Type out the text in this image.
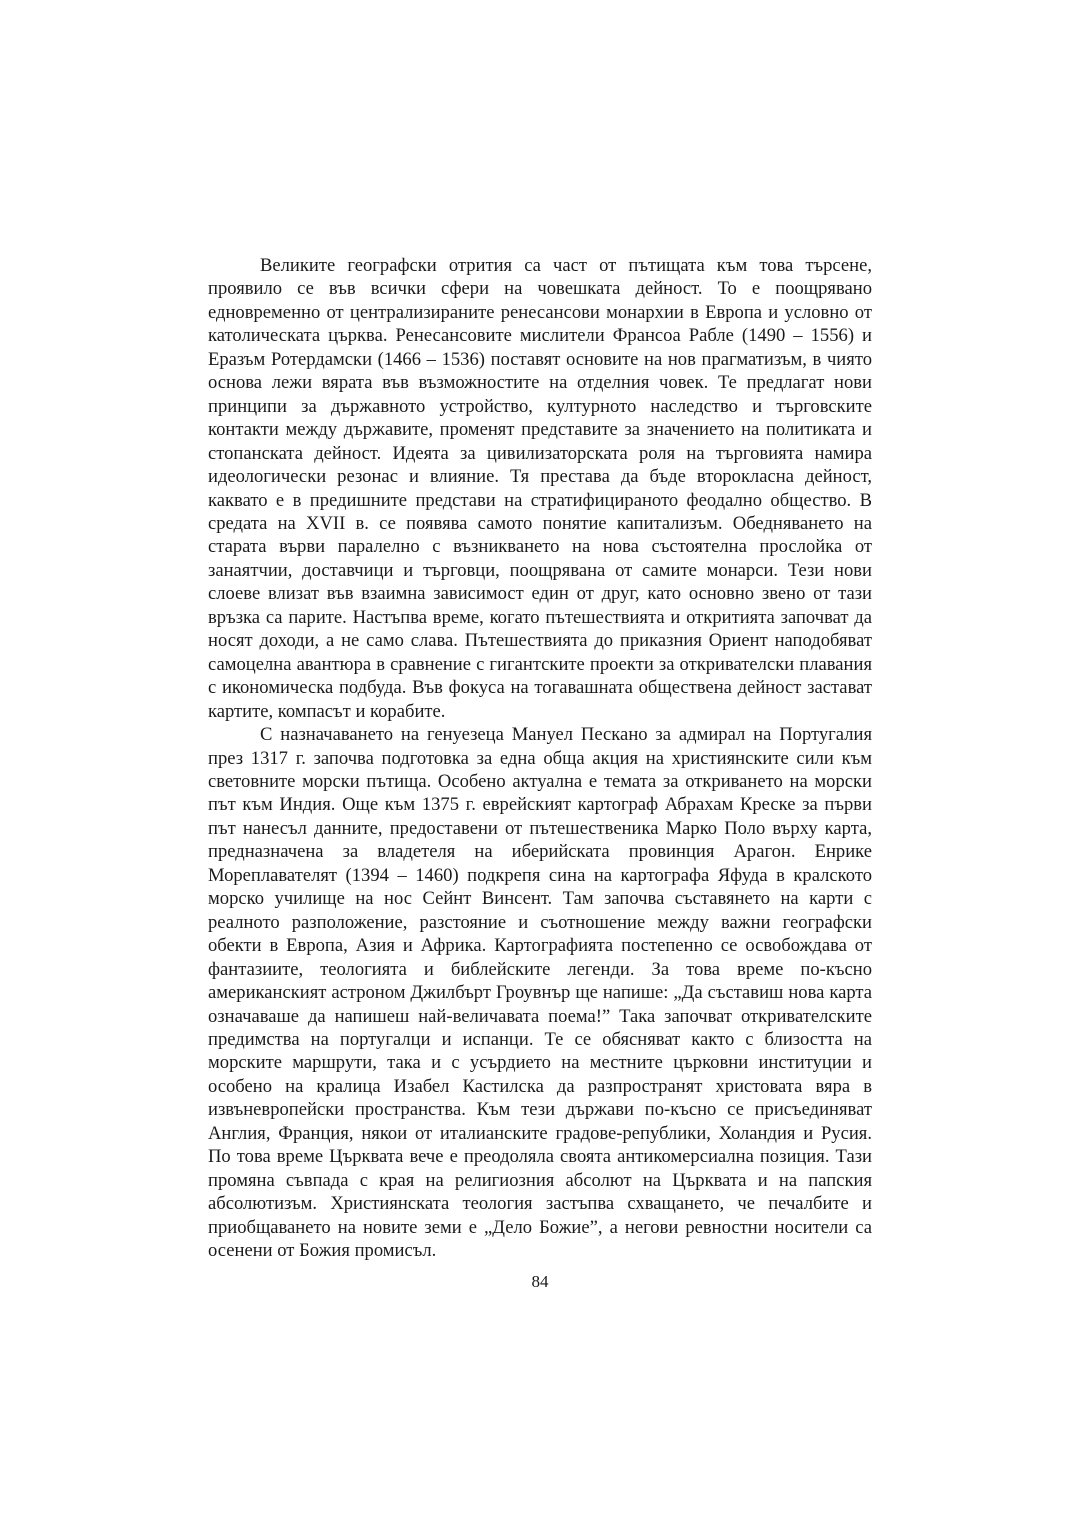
Великите географски отрития са част от пътищата към това търсене, проявило се във всички сфери на човешката дейност. То е поощрявано едновременно от централизираните ренесансови монархии в Европа и условно от католическата църква. Ренесансовите мислители Франсоа Рабле (1490 – 1556) и Еразъм Ротердамски (1466 – 1536) поставят основите на нов прагматизъм, в чиято основа лежи вярата във възможностите на отделния човек. Те предлагат нови принципи за държавното устройство, културното наследство и търговските контакти между държавите, променят представите за значението на политиката и стопанската дейност. Идеята за цивилизаторската роля на търговията намира идеологически резонас и влияние. Тя престава да бъде второкласна дейност, каквато е в предишните представи на стратифицираното феодално общество. В средата на XVII в. се появява самото понятие капитализъм. Обедняването на старата върви паралелно с възникването на нова състоятелна прослойка от занаятчии, доставчици и търговци, поощрявана от самите монарси. Тези нови слоеве влизат във взаимна зависимост един от друг, като основно звено от тази връзка са парите. Настъпва време, когато пътешествията и откритията започват да носят доходи, а не само слава. Пътешествията до приказния Ориент наподобяват самоцелна авантюра в сравнение с гигантските проекти за откривателски плавания с икономическа подбуда. Във фокуса на тогавашната обществена дейност застават картите, компасът и корабите.

С назначаването на генуезеца Мануел Пескано за адмирал на Португалия през 1317 г. започва подготовка за една обща акция на християнските сили към световните морски пътища. Особено актуална е темата за откриването на морски път към Индия. Още към 1375 г. еврейският картограф Абрахам Креске за първи път нанесъл данните, предоставени от пътешественика Марко Поло върху карта, предназначена за владетеля на иберийската провинция Арагон. Енрике Мореплавателят (1394 – 1460) подкрепя сина на картографа Яфуда в кралското морско училище на нос Сейнт Винсент. Там започва съставянето на карти с реалното разположение, разстояние и съотношение между важни географски обекти в Европа, Азия и Африка. Картографията постепенно се освобождава от фантазиите, теологията и библейските легенди. За това време по-късно американският астроном Джилбърт Гроувнър ще напише: „Да съставиш нова карта означаваше да напишеш най-величавата поема!” Така започват откривателските предимства на португалци и испанци. Те се обясняват както с близостта на морските маршрути, така и с усърдието на местните църковни институции и особено на кралица Изабел Кастилска да разпространят христовата вяра в извъневропейски пространства. Към тези държави по-късно се присъединяват Англия, Франция, някои от италианските градове-републики, Холандия и Русия. По това време Църквата вече е преодоляла своята антикомерсиална позиция. Тази промяна съвпада с края на религиозния абсолют на Църквата и на папския абсолютизъм. Християнската теология застъпва схващането, че печалбите и приобщаването на новите земи е „Дело Божие”, а негови ревностни носители са осенени от Божия промисъл.

84
